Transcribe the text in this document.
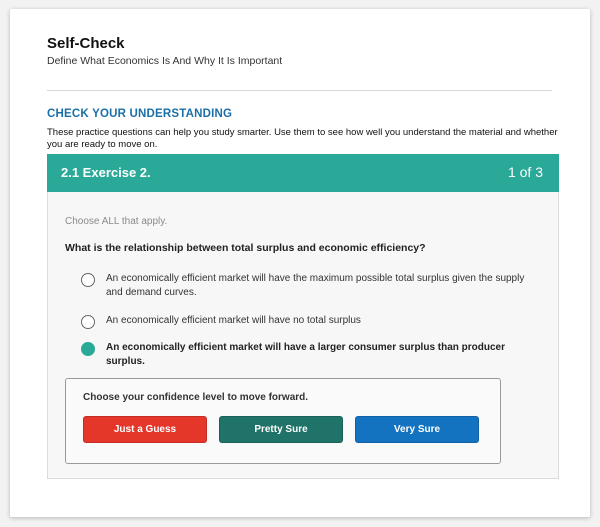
Self-Check
Define What Economics Is And Why It Is Important
CHECK YOUR UNDERSTANDING
These practice questions can help you study smarter. Use them to see how well you understand the material and whether you are ready to move on.
2.1 Exercise 2.	1 of 3
Choose ALL that apply.
What is the relationship between total surplus and economic efficiency?
An economically efficient market will have the maximum possible total surplus given the supply and demand curves.
An economically efficient market will have no total surplus
An economically efficient market will have a larger consumer surplus than producer surplus.
Choose your confidence level to move forward.
Just a Guess	Pretty Sure	Very Sure
